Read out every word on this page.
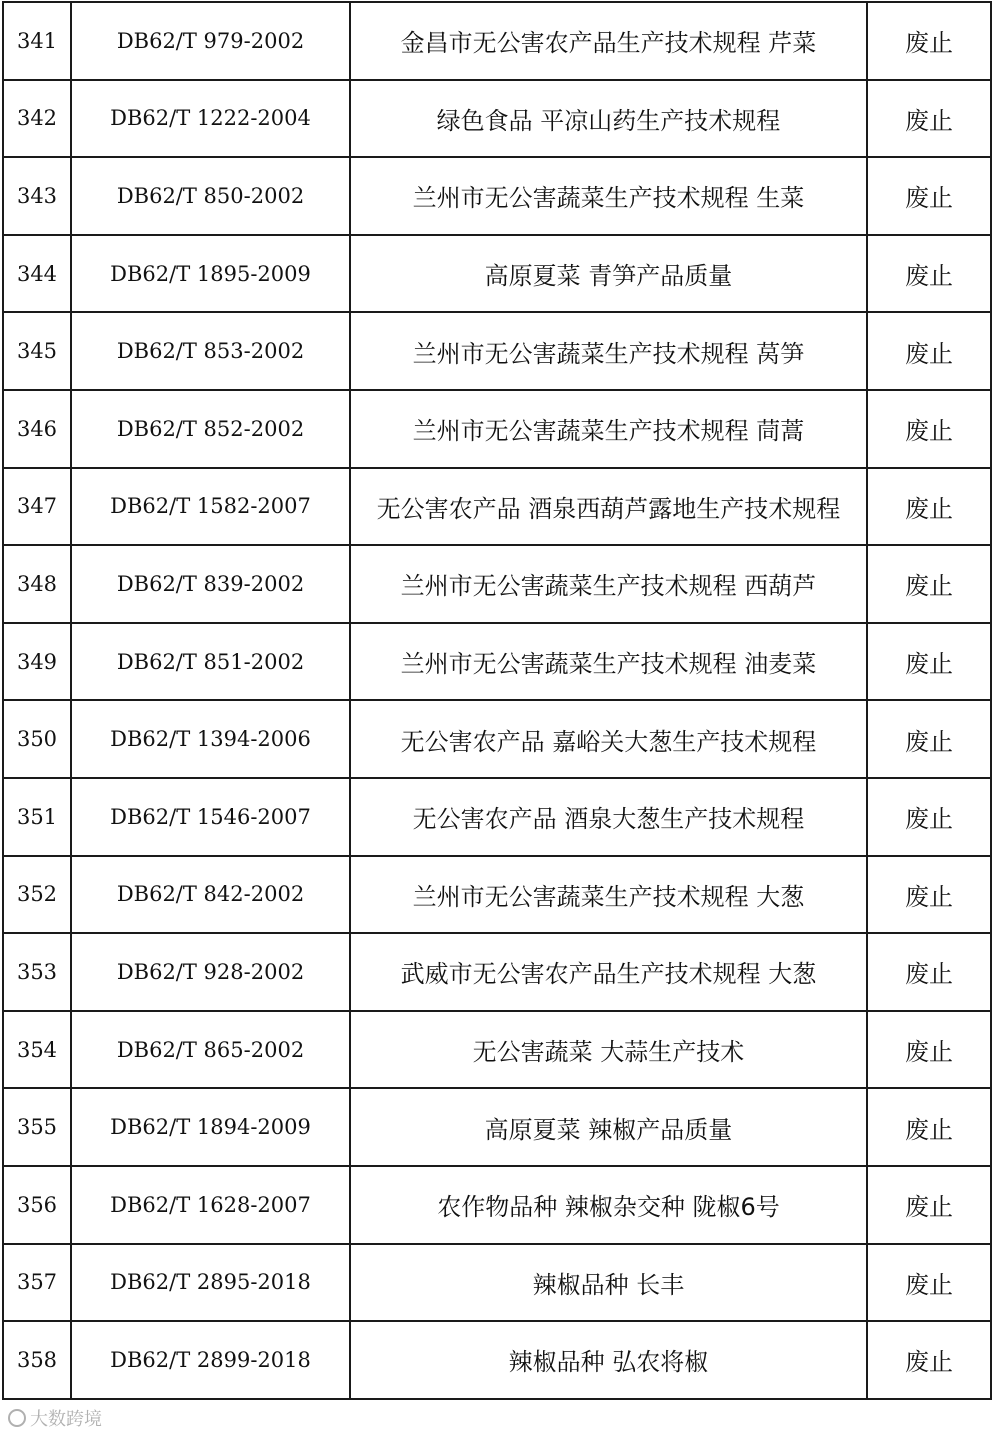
341	DB62/T 979-2002	金昌市无公害农产品生产技术规程 芹菜	废止
342	DB62/T 1222-2004	绿色食品 平凉山药生产技术规程	废止
343	DB62/T 850-2002	兰州市无公害蔬菜生产技术规程 生菜	废止
344	DB62/T 1895-2009	高原夏菜 青笋产品质量	废止
345	DB62/T 853-2002	兰州市无公害蔬菜生产技术规程 莴笋	废止
346	DB62/T 852-2002	兰州市无公害蔬菜生产技术规程 茼蒿	废止
347	DB62/T 1582-2007	无公害农产品 酒泉西葫芦露地生产技术规程	废止
348	DB62/T 839-2002	兰州市无公害蔬菜生产技术规程 西葫芦	废止
349	DB62/T 851-2002	兰州市无公害蔬菜生产技术规程 油麦菜	废止
350	DB62/T 1394-2006	无公害农产品 嘉峪关大葱生产技术规程	废止
351	DB62/T 1546-2007	无公害农产品 酒泉大葱生产技术规程	废止
352	DB62/T 842-2002	兰州市无公害蔬菜生产技术规程 大葱	废止
353	DB62/T 928-2002	武威市无公害农产品生产技术规程 大葱	废止
354	DB62/T 865-2002	无公害蔬菜 大蒜生产技术	废止
355	DB62/T 1894-2009	高原夏菜 辣椒产品质量	废止
356	DB62/T 1628-2007	农作物品种 辣椒杂交种 陇椒6号	废止
357	DB62/T 2895-2018	辣椒品种 长丰	废止
358	DB62/T 2899-2018	辣椒品种 弘农将椒	废止
大数跨境
